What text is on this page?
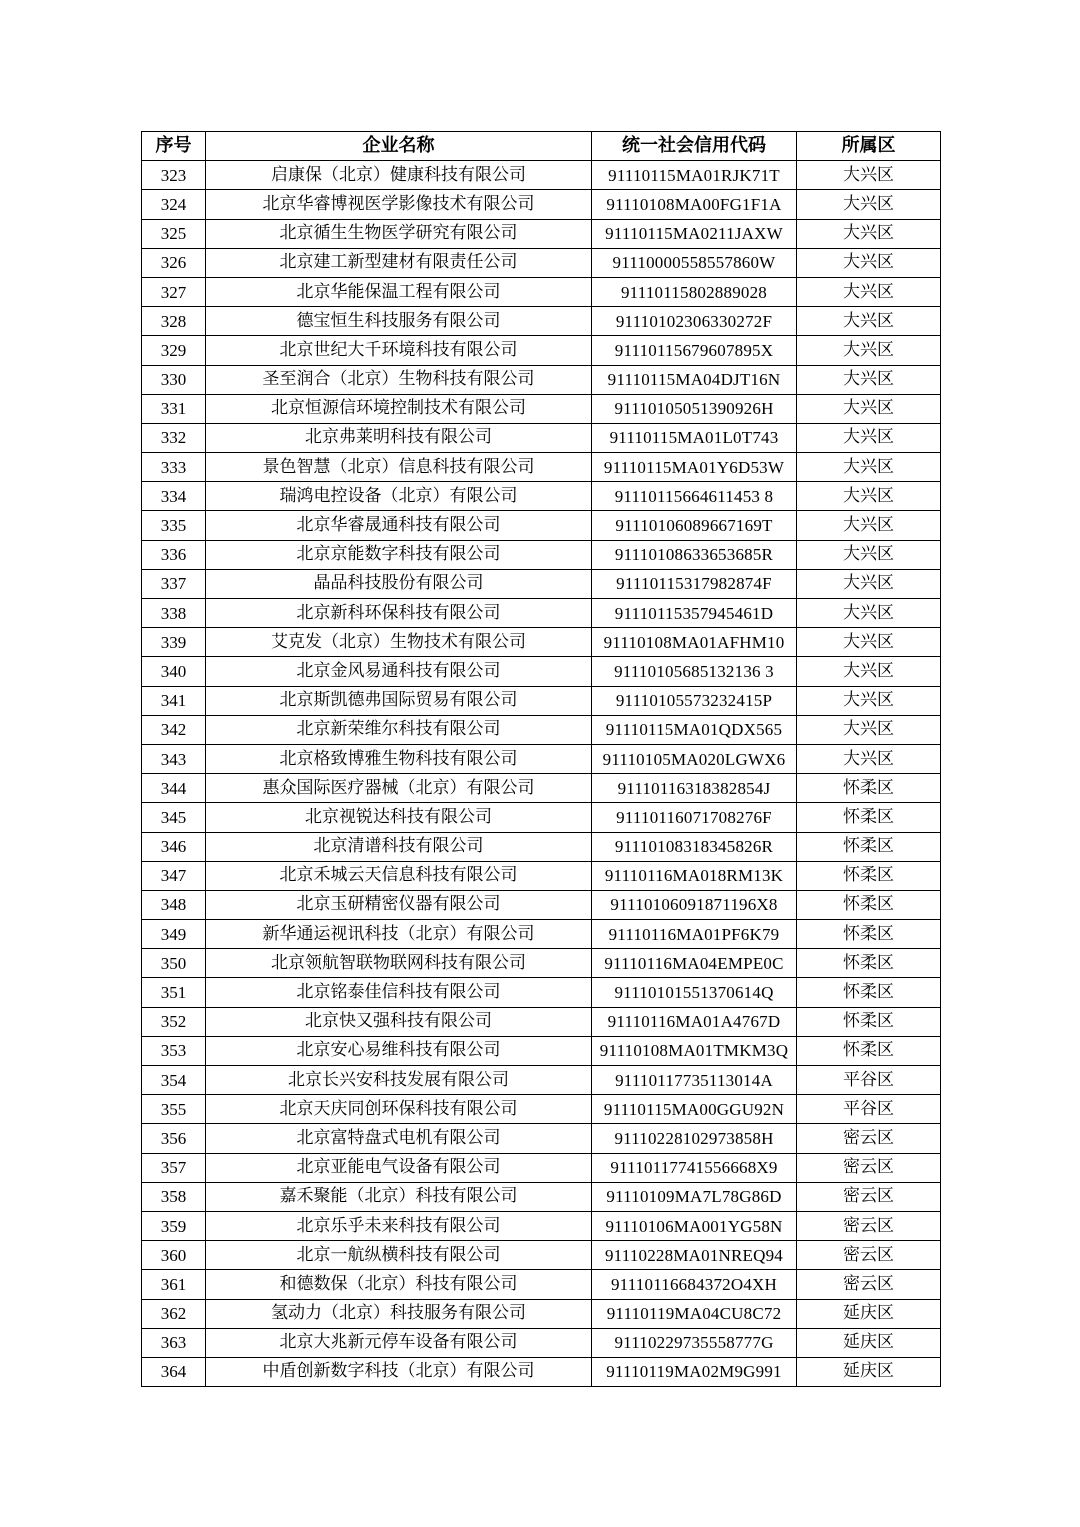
序号	企业名称	统一社会信用代码	所属区
323	启康保（北京）健康科技有限公司	91110115MA01RJK71T	大兴区
324	北京华睿博视医学影像技术有限公司	91110108MA00FG1F1A	大兴区
325	北京循生生物医学研究有限公司	91110115MA0211JAXW	大兴区
326	北京建工新型建材有限责任公司	91110000558557860W	大兴区
327	北京华能保温工程有限公司	91110115802889028	大兴区
328	德宝恒生科技服务有限公司	91110102306330272F	大兴区
329	北京世纪大千环境科技有限公司	91110115679607895X	大兴区
330	圣至润合（北京）生物科技有限公司	91110115MA04DJT16N	大兴区
331	北京恒源信环境控制技术有限公司	91110105051390926H	大兴区
332	北京弗莱明科技有限公司	91110115MA01L0T743	大兴区
333	景色智慧（北京）信息科技有限公司	91110115MA01Y6D53W	大兴区
334	瑞鸿电控设备（北京）有限公司	91110115664611453 8	大兴区
335	北京华睿晟通科技有限公司	91110106089667169T	大兴区
336	北京京能数字科技有限公司	91110108633653685R	大兴区
337	晶品科技股份有限公司	91110115317982874F	大兴区
338	北京新科环保科技有限公司	91110115357945461D	大兴区
339	艾克发（北京）生物技术有限公司	91110108MA01AFHM10	大兴区
340	北京金风易通科技有限公司	91110105685132136 3	大兴区
341	北京斯凯德弗国际贸易有限公司	91110105573232415P	大兴区
342	北京新荣维尔科技有限公司	91110115MA01QDX565	大兴区
343	北京格致博雅生物科技有限公司	91110105MA020LGWX6	大兴区
344	惠众国际医疗器械（北京）有限公司	91110116318382854J	怀柔区
345	北京视锐达科技有限公司	91110116071708276F	怀柔区
346	北京清谱科技有限公司	91110108318345826R	怀柔区
347	北京禾城云天信息科技有限公司	91110116MA018RM13K	怀柔区
348	北京玉研精密仪器有限公司	91110106091871196X8	怀柔区
349	新华通运视讯科技（北京）有限公司	91110116MA01PF6K79	怀柔区
350	北京领航智联物联网科技有限公司	91110116MA04EMPE0C	怀柔区
351	北京铭泰佳信科技有限公司	91110101551370614Q	怀柔区
352	北京快又强科技有限公司	91110116MA01A4767D	怀柔区
353	北京安心易维科技有限公司	91110108MA01TMKM3Q	怀柔区
354	北京长兴安科技发展有限公司	91110117735113014A	平谷区
355	北京天庆同创环保科技有限公司	91110115MA00GGU92N	平谷区
356	北京富特盘式电机有限公司	91110228102973858H	密云区
357	北京亚能电气设备有限公司	91110117741556668X9	密云区
358	嘉禾聚能（北京）科技有限公司	91110109MA7L78G86D	密云区
359	北京乐乎未来科技有限公司	91110106MA001YG58N	密云区
360	北京一航纵横科技有限公司	91110228MA01NREQ94	密云区
361	和德数保（北京）科技有限公司	91110116684372O4XH	密云区
362	氢动力（北京）科技服务有限公司	91110119MA04CU8C72	延庆区
363	北京大兆新元停车设备有限公司	91110229735558777G	延庆区
364	中盾创新数字科技（北京）有限公司	91110119MA02M9G991	延庆区
